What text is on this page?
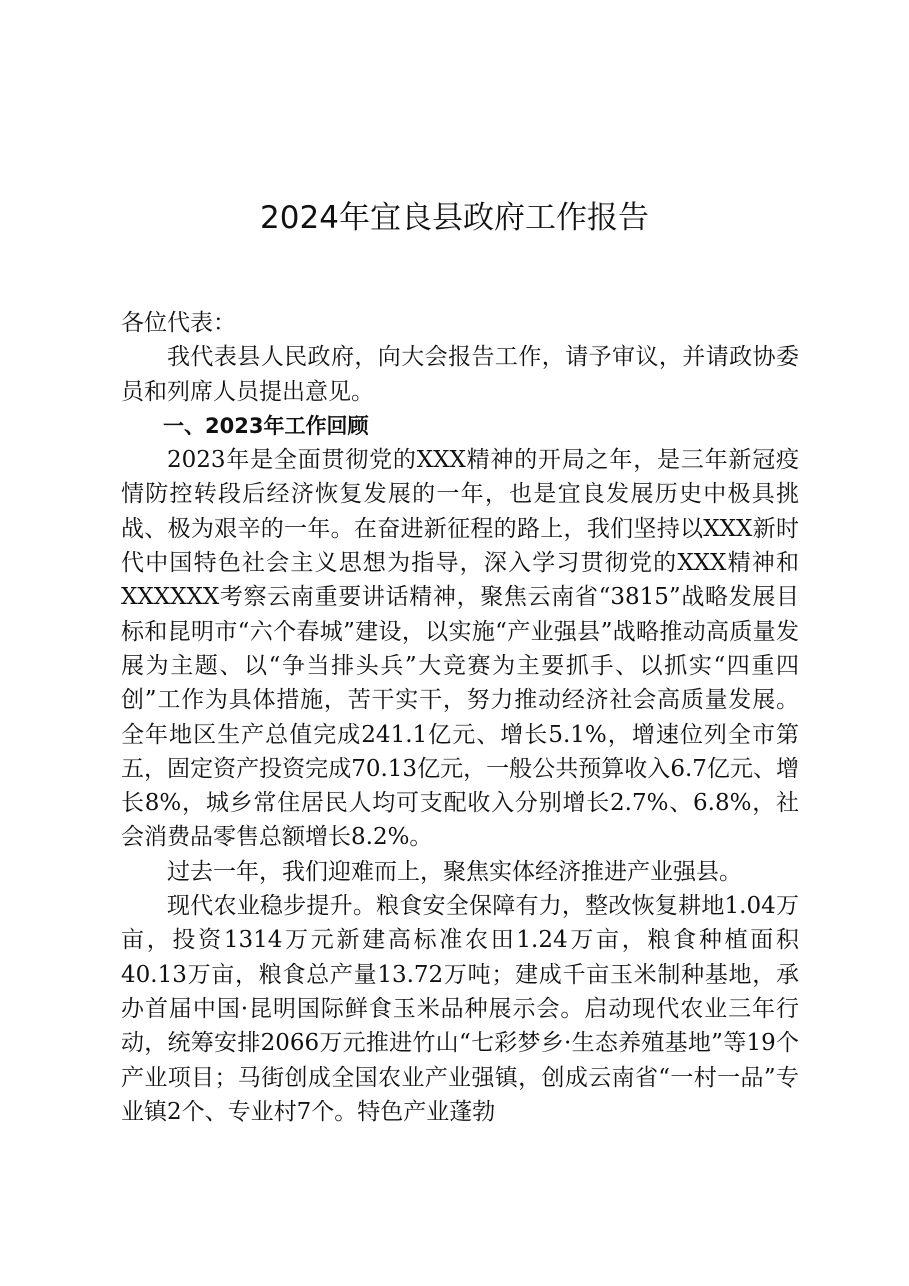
2024年宜良县政府工作报告

各位代表：

我代表县人民政府，向大会报告工作，请予审议，并请政协委员和列席人员提出意见。

一、2023年工作回顾

2023年是全面贯彻党的XXX精神的开局之年，是三年新冠疫情防控转段后经济恢复发展的一年，也是宜良发展历史中极具挑战、极为艰辛的一年。在奋进新征程的路上，我们坚持以XXX新时代中国特色社会主义思想为指导，深入学习贯彻党的XXX精神和XXXXXX考察云南重要讲话精神，聚焦云南省“3815”战略发展目标和昆明市“六个春城”建设，以实施“产业强县”战略推动高质量发展为主题、以“争当排头兵”大竞赛为主要抓手、以抓实“四重四创”工作为具体措施，苦干实干，努力推动经济社会高质量发展。全年地区生产总值完成241.1亿元、增长5.1%，增速位列全市第五，固定资产投资完成70.13亿元，一般公共预算收入6.7亿元、增长8%，城乡常住居民人均可支配收入分别增长2.7%、6.8%，社会消费品零售总额增长8.2%。

过去一年，我们迎难而上，聚焦实体经济推进产业强县。

现代农业稳步提升。粮食安全保障有力，整改恢复耕地1.04万亩，投资1314万元新建高标准农田1.24万亩，粮食种植面积40.13万亩，粮食总产量13.72万吨；建成千亩玉米制种基地，承办首届中国·昆明国际鲜食玉米品种展示会。启动现代农业三年行动，统筹安排2066万元推进竹山“七彩梦乡·生态养殖基地”等19个产业项目；马街创成全国农业产业强镇，创成云南省“一村一品”专业镇2个、专业村7个。特色产业蓬勃
